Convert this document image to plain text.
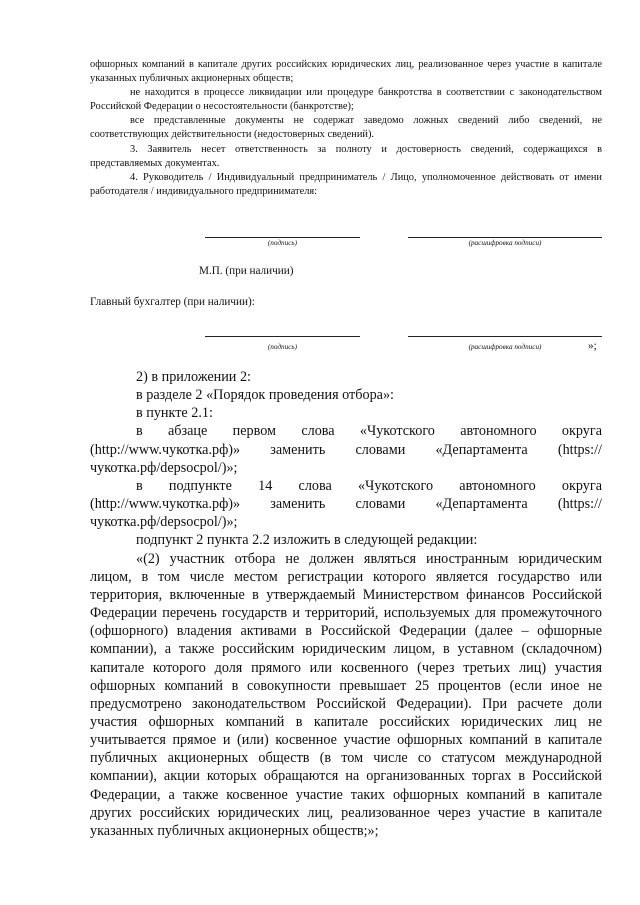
офшорных компаний в капитале других российских юридических лиц, реализованное через участие в капитале указанных публичных акционерных обществ;

не находится в процессе ликвидации или процедуре банкротства в соответствии с законодательством Российской Федерации о несостоятельности (банкротстве);

все представленные документы не содержат заведомо ложных сведений либо сведений, не соответствующих действительности (недостоверных сведений).

3. Заявитель несет ответственность за полноту и достоверность сведений, содержащихся в представляемых документах.

4. Руководитель / Индивидуальный предприниматель / Лицо, уполномоченное действовать от имени работодателя / индивидуального предпринимателя:

(подпись)	(расшифровка подписи)
М.П. (при наличии)
Главный бухгалтер (при наличии):
(подпись)	(расшифровка подписи)	»;

2) в приложении 2:

в разделе 2 «Порядок проведения отбора»:

в пункте 2.1:

в абзаце первом слова «Чукотского автономного округа (http://www.чукотка.рф)» заменить словами «Департамента (https://чукотка.рф/depsocpol/)»;

в подпункте 14 слова «Чукотского автономного округа (http://www.чукотка.рф)» заменить словами «Департамента (https://чукотка.рф/depsocpol/)»;

подпункт 2 пункта 2.2 изложить в следующей редакции:

«(2) участник отбора не должен являться иностранным юридическим лицом, в том числе местом регистрации которого является государство или территория, включенные в утверждаемый Министерством финансов Российской Федерации перечень государств и территорий, используемых для промежуточного (офшорного) владения активами в Российской Федерации (далее – офшорные компании), а также российским юридическим лицом, в уставном (складочном) капитале которого доля прямого или косвенного (через третьих лиц) участия офшорных компаний в совокупности превышает 25 процентов (если иное не предусмотрено законодательством Российской Федерации). При расчете доли участия офшорных компаний в капитале российских юридических лиц не учитывается прямое и (или) косвенное участие офшорных компаний в капитале публичных акционерных обществ (в том числе со статусом международной компании), акции которых обращаются на организованных торгах в Российской Федерации, а также косвенное участие таких офшорных компаний в капитале других российских юридических лиц, реализованное через участие в капитале указанных публичных акционерных обществ;»;
